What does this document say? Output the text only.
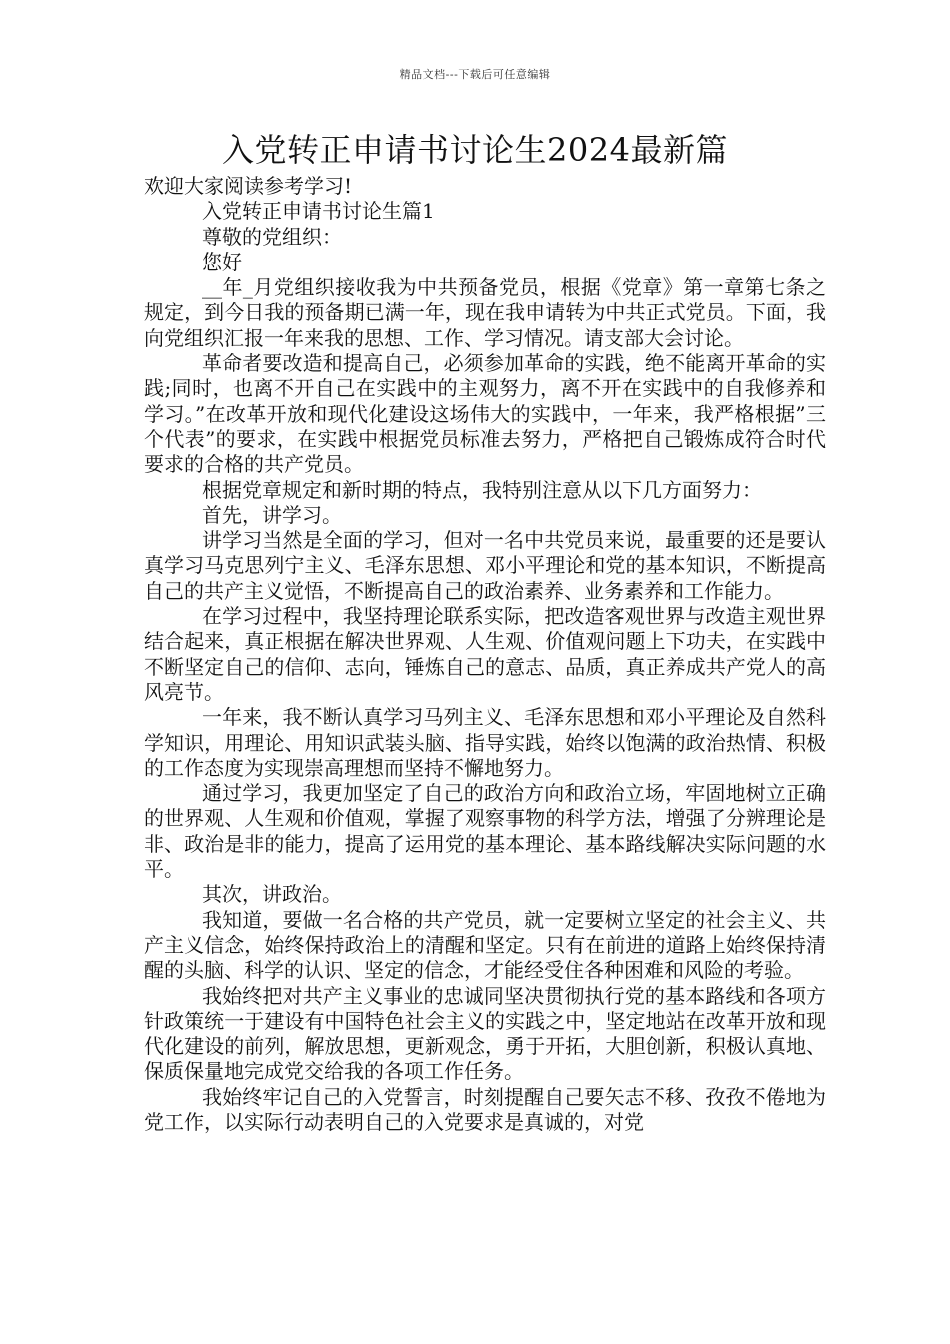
精品文档---下载后可任意编辑
入党转正申请书讨论生2024最新篇

欢迎大家阅读参考学习!

入党转正申请书讨论生篇1

尊敬的党组织：

您好

__年_月党组织接收我为中共预备党员，根据《党章》第一章第七条之规定，到今日我的预备期已满一年，现在我申请转为中共正式党员。下面，我向党组织汇报一年来我的思想、工作、学习情况。请支部大会讨论。

革命者要改造和提高自己，必须参加革命的实践，绝不能离开革命的实践;同时，也离不开自己在实践中的主观努力，离不开在实践中的自我修养和学习。”在改革开放和现代化建设这场伟大的实践中，一年来，我严格根据”三个代表”的要求，在实践中根据党员标准去努力，严格把自己锻炼成符合时代要求的合格的共产党员。

根据党章规定和新时期的特点，我特别注意从以下几方面努力：

首先，讲学习。

讲学习当然是全面的学习，但对一名中共党员来说，最重要的还是要认真学习马克思列宁主义、毛泽东思想、邓小平理论和党的基本知识，不断提高自己的共产主义觉悟，不断提高自己的政治素养、业务素养和工作能力。

在学习过程中，我坚持理论联系实际，把改造客观世界与改造主观世界结合起来，真正根据在解决世界观、人生观、价值观问题上下功夫，在实践中不断坚定自己的信仰、志向，锤炼自己的意志、品质，真正养成共产党人的高风亮节。

一年来，我不断认真学习马列主义、毛泽东思想和邓小平理论及自然科学知识，用理论、用知识武装头脑、指导实践，始终以饱满的政治热情、积极的工作态度为实现崇高理想而坚持不懈地努力。

通过学习，我更加坚定了自己的政治方向和政治立场，牢固地树立正确的世界观、人生观和价值观，掌握了观察事物的科学方法，增强了分辨理论是非、政治是非的能力，提高了运用党的基本理论、基本路线解决实际问题的水平。

其次，讲政治。

我知道，要做一名合格的共产党员，就一定要树立坚定的社会主义、共产主义信念，始终保持政治上的清醒和坚定。只有在前进的道路上始终保持清醒的头脑、科学的认识、坚定的信念，才能经受住各种困难和风险的考验。

我始终把对共产主义事业的忠诚同坚决贯彻执行党的基本路线和各项方针政策统一于建设有中国特色社会主义的实践之中，坚定地站在改革开放和现代化建设的前列，解放思想，更新观念，勇于开拓，大胆创新，积极认真地、保质保量地完成党交给我的各项工作任务。

我始终牢记自己的入党誓言，时刻提醒自己要矢志不移、孜孜不倦地为党工作，以实际行动表明自己的入党要求是真诚的，对党
